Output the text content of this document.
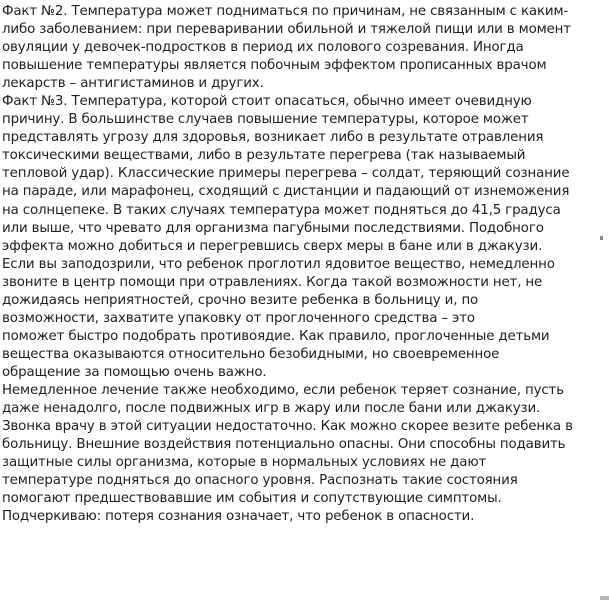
Факт №2. Температура может подниматься по причинам, не связанным с каким-
либо заболеванием: при переваривании обильной и тяжелой пищи или в момент
овуляции у девочек-подростков в период их полового созревания. Иногда
повышение температуры является побочным эффектом прописанных врачом
лекарств – антигистаминов и других.
Факт №3. Температура, которой стоит опасаться, обычно имеет очевидную
причину. В большинстве случаев повышение температуры, которое может
представлять угрозу для здоровья, возникает либо в результате отравления
токсическими веществами, либо в результате перегрева (так называемый
тепловой удар). Классические примеры перегрева – солдат, теряющий сознание
на параде, или марафонец, сходящий с дистанции и падающий от изнеможения
на солнцепеке. В таких случаях температура может подняться до 41,5 градуса
или выше, что чревато для организма пагубными последствиями. Подобного
эффекта можно добиться и перегревшись сверх меры в бане или в джакузи.
Если вы заподозрили, что ребенок проглотил ядовитое вещество, немедленно
звоните в центр помощи при отравлениях. Когда такой возможности нет, не
дожидаясь неприятностей, срочно везите ребенка в больницу и, по
возможности, захватите упаковку от проглоченного средства – это
поможет быстро подобрать противоядие. Как правило, проглоченные детьми
вещества оказываются относительно безобидными, но своевременное
обращение за помощью очень важно.
Немедленное лечение также необходимо, если ребенок теряет сознание, пусть
даже ненадолго, после подвижных игр в жару или после бани или джакузи.
Звонка врачу в этой ситуации недостаточно. Как можно скорее везите ребенка в
больницу. Внешние воздействия потенциально опасны. Они способны подавить
защитные силы организма, которые в нормальных условиях не дают
температуре подняться до опасного уровня. Распознать такие состояния
помогают предшествовавшие им события и сопутствующие симптомы.
Подчеркиваю: потеря сознания означает, что ребенок в опасности.
